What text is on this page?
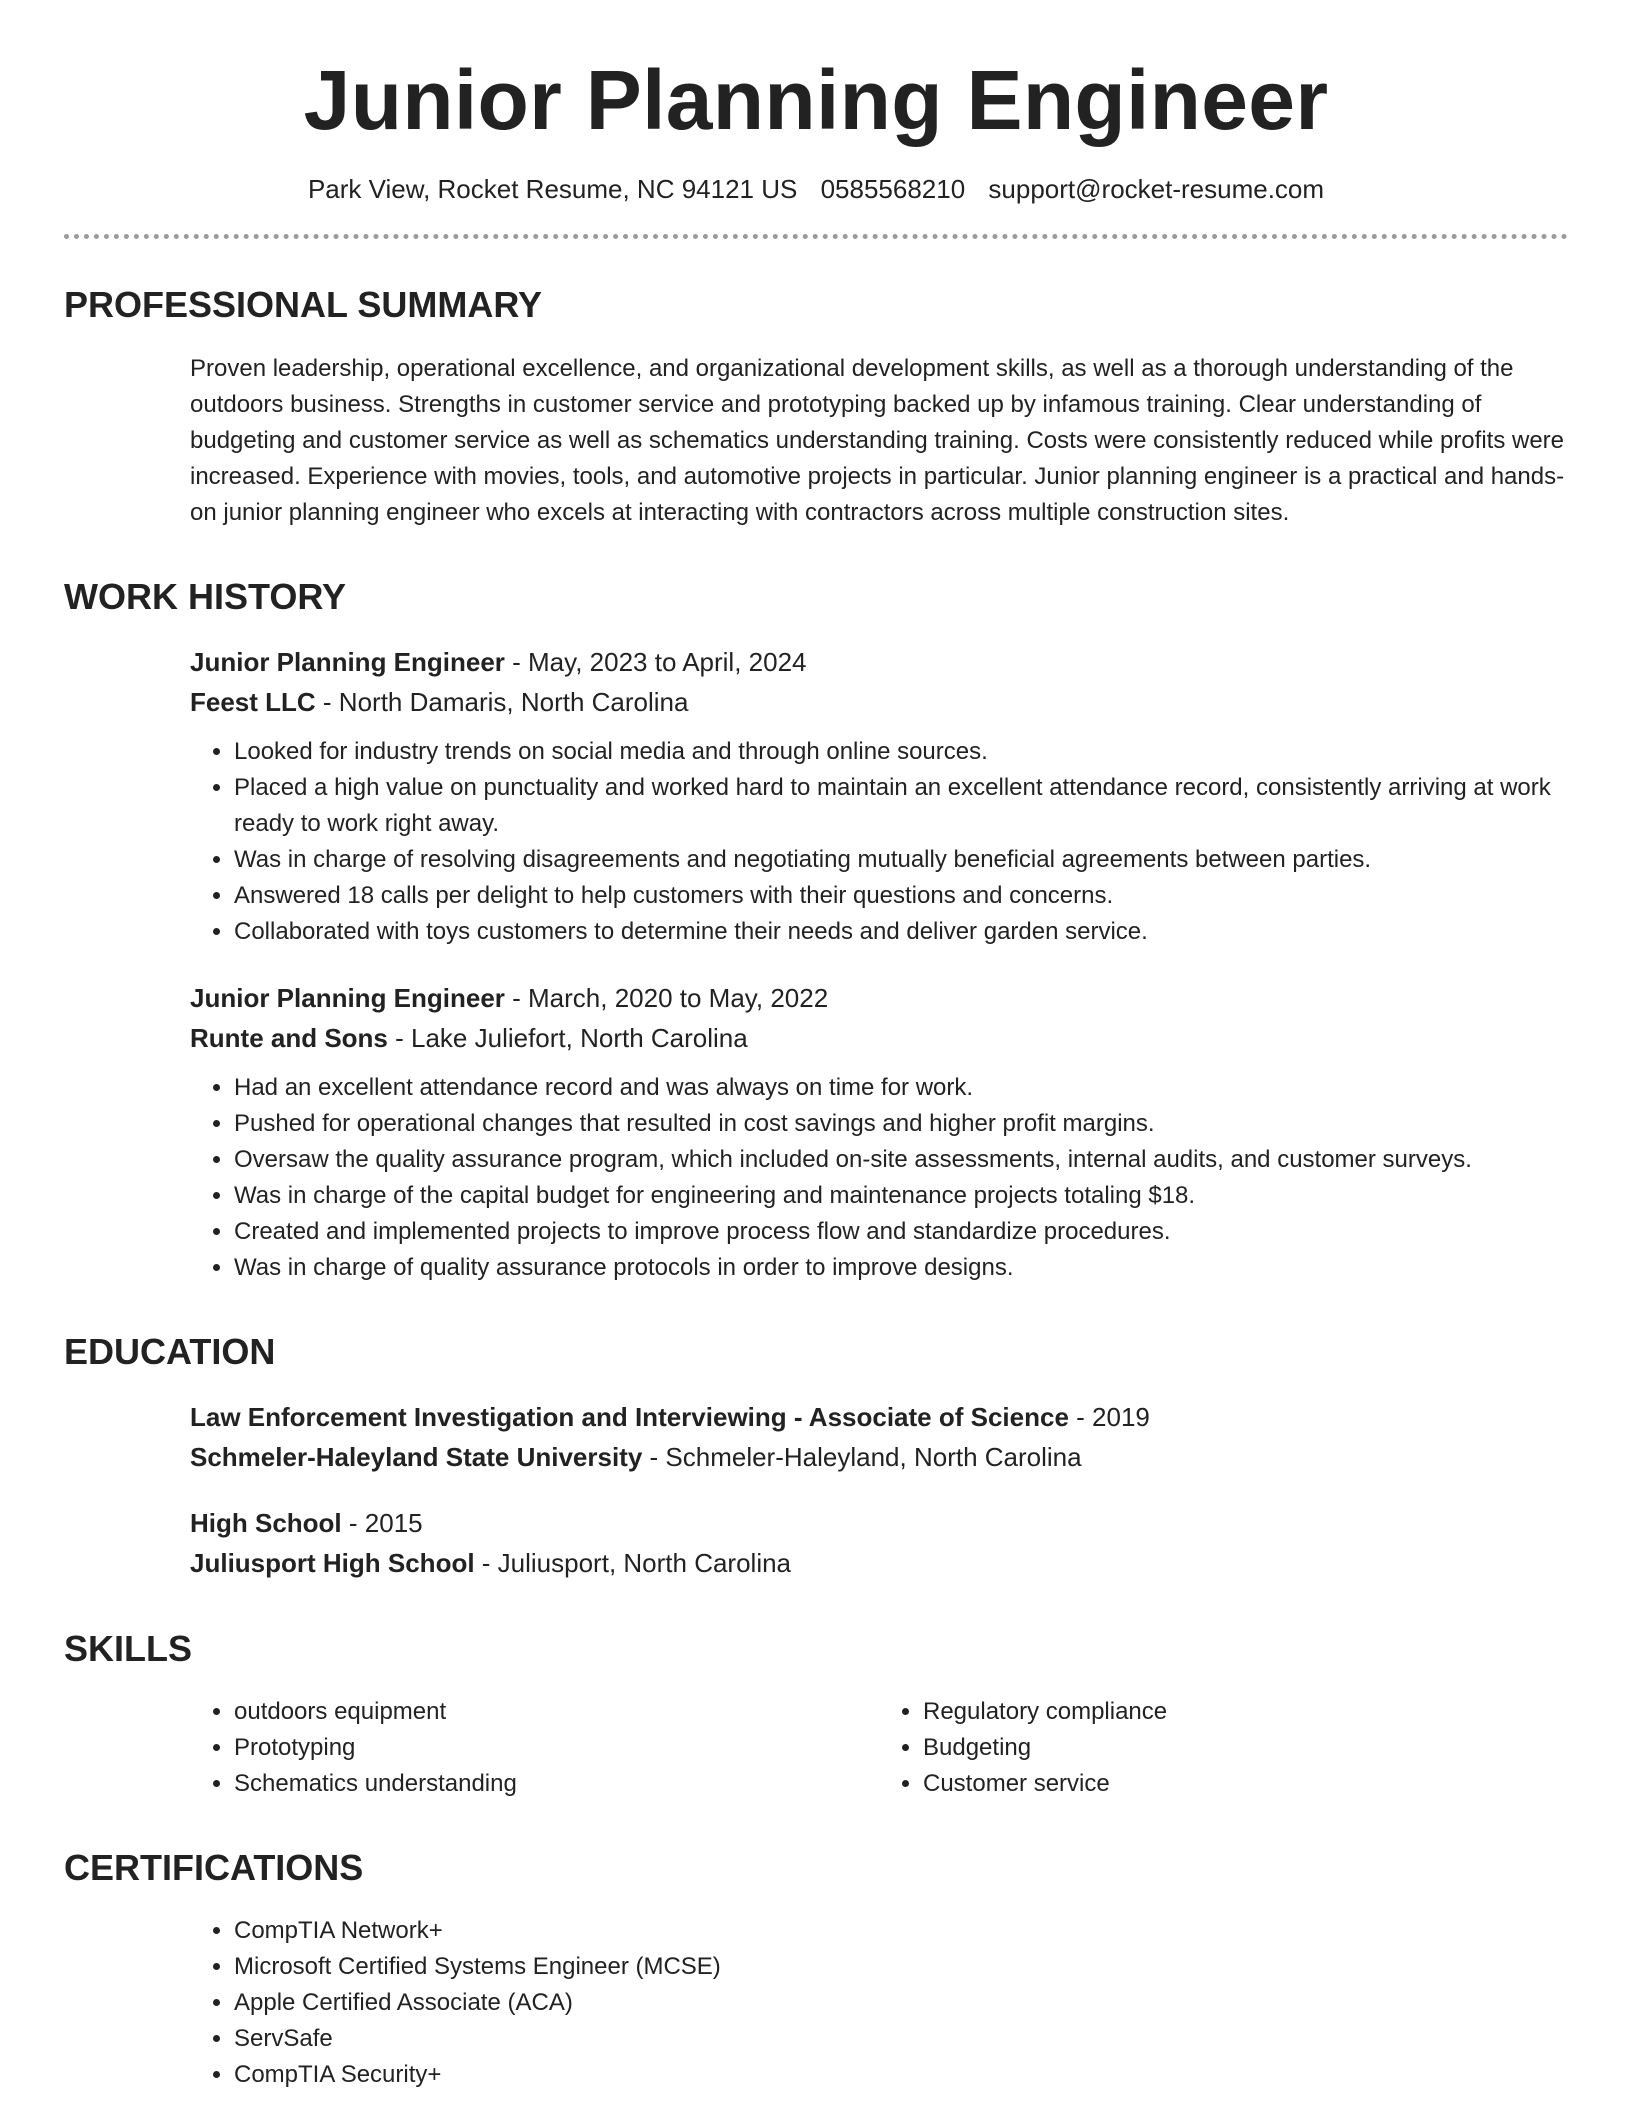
Junior Planning Engineer
Park View, Rocket Resume, NC 94121 US 0585568210 support@rocket-resume.com
PROFESSIONAL SUMMARY

Proven leadership, operational excellence, and organizational development skills, as well as a thorough understanding of the outdoors business. Strengths in customer service and prototyping backed up by infamous training. Clear understanding of budgeting and customer service as well as schematics understanding training. Costs were consistently reduced while profits were increased. Experience with movies, tools, and automotive projects in particular. Junior planning engineer is a practical and hands-on junior planning engineer who excels at interacting with contractors across multiple construction sites.

WORK HISTORY
Junior Planning Engineer - May, 2023 to April, 2024
Feest LLC - North Damaris, North Carolina
• Looked for industry trends on social media and through online sources.
• Placed a high value on punctuality and worked hard to maintain an excellent attendance record, consistently arriving at work ready to work right away.
• Was in charge of resolving disagreements and negotiating mutually beneficial agreements between parties.
• Answered 18 calls per delight to help customers with their questions and concerns.
• Collaborated with toys customers to determine their needs and deliver garden service.
Junior Planning Engineer - March, 2020 to May, 2022
Runte and Sons - Lake Juliefort, North Carolina
• Had an excellent attendance record and was always on time for work.
• Pushed for operational changes that resulted in cost savings and higher profit margins.
• Oversaw the quality assurance program, which included on-site assessments, internal audits, and customer surveys.
• Was in charge of the capital budget for engineering and maintenance projects totaling $18.
• Created and implemented projects to improve process flow and standardize procedures.
• Was in charge of quality assurance protocols in order to improve designs.
EDUCATION
Law Enforcement Investigation and Interviewing - Associate of Science - 2019
Schmeler-Haleyland State University - Schmeler-Haleyland, North Carolina
High School - 2015
Juliusport High School - Juliusport, North Carolina
SKILLS
• outdoors equipment
• Prototyping
• Schematics understanding
• Regulatory compliance
• Budgeting
• Customer service
CERTIFICATIONS
• CompTIA Network+
• Microsoft Certified Systems Engineer (MCSE)
• Apple Certified Associate (ACA)
• ServSafe
• CompTIA Security+
